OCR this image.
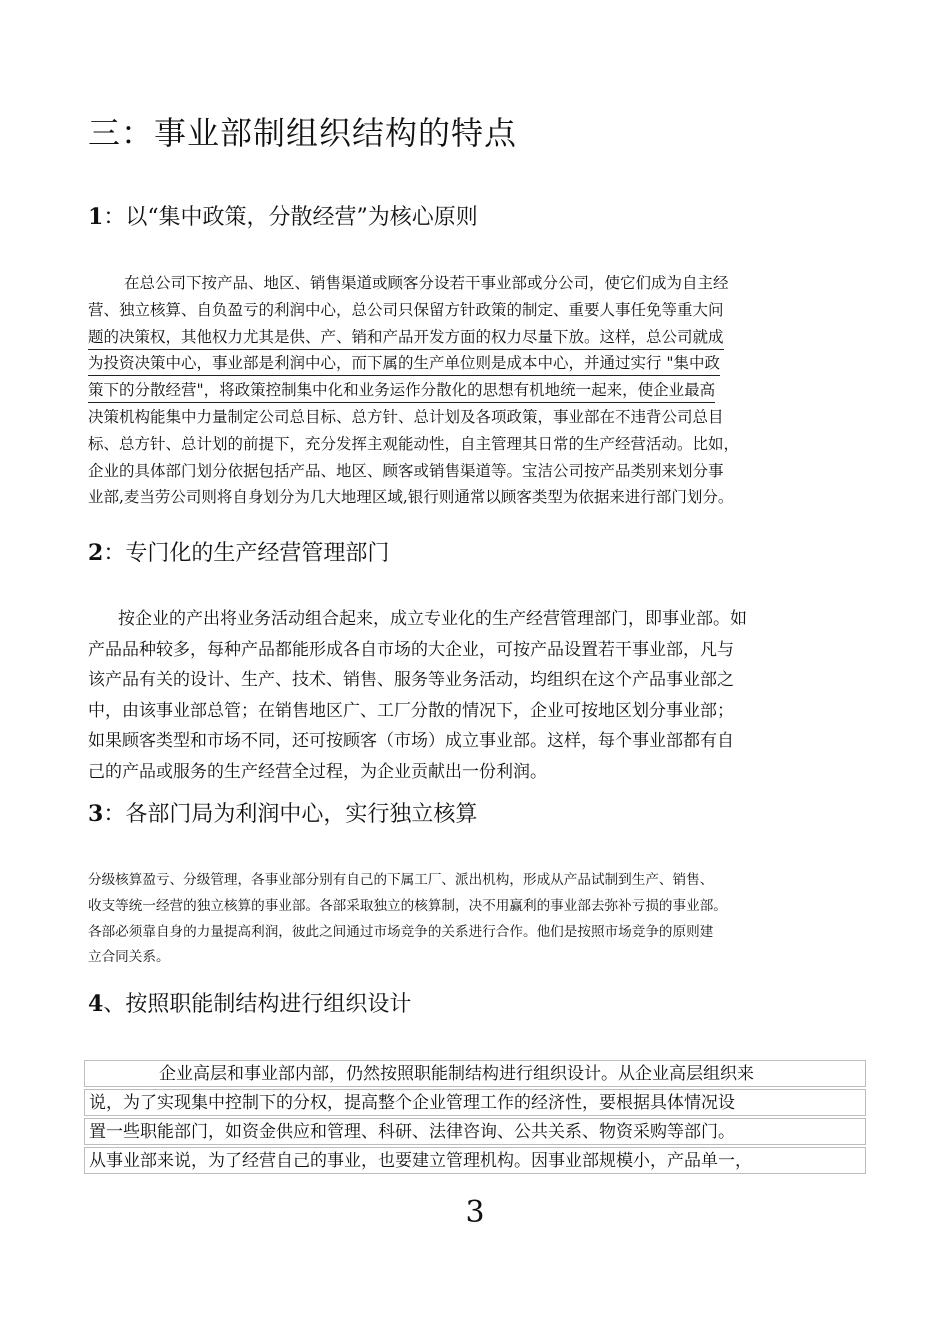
三：事业部制组织结构的特点
1：以“集中政策，分散经营”为核心原则
在总公司下按产品、地区、销售渠道或顾客分设若干事业部或分公司，使它们成为自主经
营、独立核算、自负盈亏的利润中心，总公司只保留方针政策的制定、重要人事任免等重大问
题的决策权，其他权力尤其是供、产、销和产品开发方面的权力尽量下放。这样，总公司就成
为投资决策中心，事业部是利润中心，而下属的生产单位则是成本中心，并通过实行 "集中政
策下的分散经营"，将政策控制集中化和业务运作分散化的思想有机地统一起来，使企业最高
决策机构能集中力量制定公司总目标、总方针、总计划及各项政策，事业部在不违背公司总目
标、总方针、总计划的前提下，充分发挥主观能动性，自主管理其日常的生产经营活动。比如，
企业的具体部门划分依据包括产品、地区、顾客或销售渠道等。宝洁公司按产品类别来划分事
业部,麦当劳公司则将自身划分为几大地理区域,银行则通常以顾客类型为依据来进行部门划分。
2：专门化的生产经营管理部门
按企业的产出将业务活动组合起来，成立专业化的生产经营管理部门，即事业部。如
产品品种较多，每种产品都能形成各自市场的大企业，可按产品设置若干事业部，凡与
该产品有关的设计、生产、技术、销售、服务等业务活动，均组织在这个产品事业部之
中，由该事业部总管；在销售地区广、工厂分散的情况下，企业可按地区划分事业部；
如果顾客类型和市场不同，还可按顾客（市场）成立事业部。这样，每个事业部都有自
己的产品或服务的生产经营全过程，为企业贡献出一份利润。
3：各部门局为利润中心，实行独立核算
分级核算盈亏、分级管理，各事业部分别有自己的下属工厂、派出机构，形成从产品试制到生产、销售、
收支等统一经营的独立核算的事业部。各部采取独立的核算制，决不用赢利的事业部去弥补亏损的事业部。
各部必须靠自身的力量提高利润，彼此之间通过市场竞争的关系进行合作。他们是按照市场竞争的原则建
立合同关系。
4、按照职能制结构进行组织设计
企业高层和事业部内部，仍然按照职能制结构进行组织设计。从企业高层组织来
说，为了实现集中控制下的分权，提高整个企业管理工作的经济性，要根据具体情况设
置一些职能部门，如资金供应和管理、科研、法律咨询、公共关系、物资采购等部门。
从事业部来说，为了经营自己的事业，也要建立管理机构。因事业部规模小，产品单一，
3
